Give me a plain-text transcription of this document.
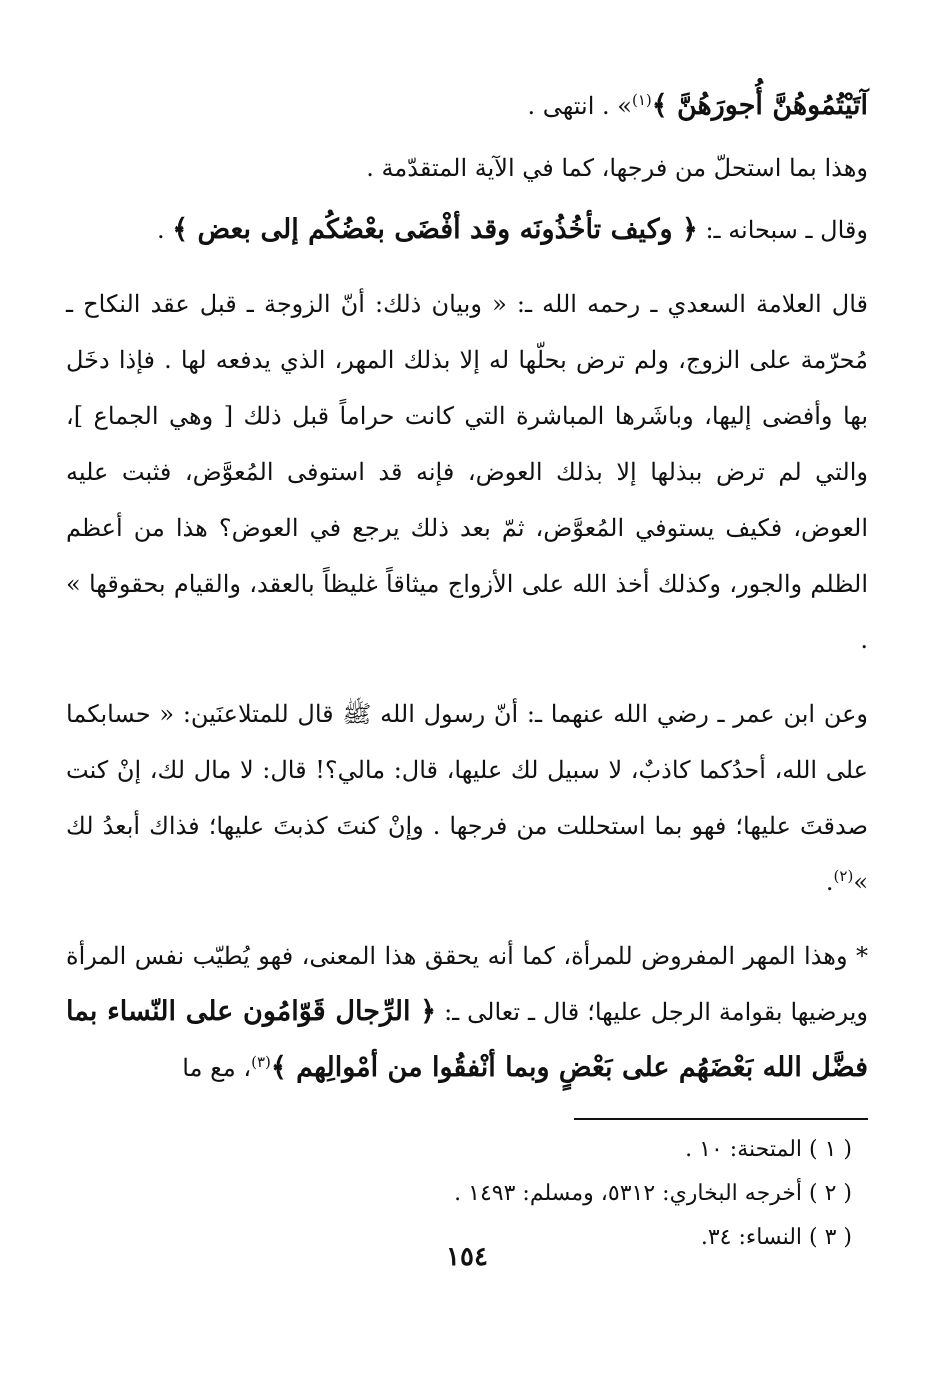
آتَيْتُمُوهُنَّ أُجورَهُنَّ ﴾$^{(١)}$» . انتهى .

وهذا بما استحلّ من فرجها، كما في الآية المتقدّمة .

وقال ـ سبحانه ـ: ﴿ وكيف تأخُذُونَه وقد أفْضَى بعْضُكُم إلى بعض ﴾ .

قال العلامة السعدي ـ رحمه الله ـ: « وبيان ذلك: أنّ الزوجة ـ قبل عقد النكاح ـ مُحرّمة على الزوج، ولم ترض بحلّها له إلا بذلك المهر، الذي يدفعه لها . فإذا دخَل بها وأفضى إليها، وباشَرها المباشرة التي كانت حراماً قبل ذلك [ وهي الجماع ]، والتي لم ترض ببذلها إلا بذلك العوض، فإنه قد استوفى المُعوَّض، فثبت عليه العوض، فكيف يستوفي المُعوَّض، ثمّ بعد ذلك يرجع في العوض؟ هذا من أعظم الظلم والجور، وكذلك أخذ الله على الأزواج ميثاقاً غليظاً بالعقد، والقيام بحقوقها » .

وعن ابن عمر ـ رضي الله عنهما ـ: أنّ رسول الله ﷺ قال للمتلاعنَين: « حسابكما على الله، أحدُكما كاذبٌ، لا سبيل لك عليها، قال: مالي؟! قال: لا مال لك، إنْ كنت صدقتَ عليها؛ فهو بما استحللت من فرجها . وإنْ كنتَ كذبتَ عليها؛ فذاك أبعدُ لك »$^{(٢)}$.

* وهذا المهر المفروض للمرأة، كما أنه يحقق هذا المعنى، فهو يُطيّب نفس المرأة ويرضيها بقوامة الرجل عليها؛ قال ـ تعالى ـ: ﴿ الرِّجال قَوّامُون على النّساء بما فضَّل الله بَعْضَهُم على بَعْضٍ وبما أنْفقُوا من أمْوالِهم ﴾$^{(٣)}$، مع ما

( ١ ) المتحنة: ١٠ .

( ٢ ) أخرجه البخاري: ٥٣١٢، ومسلم: ١٤٩٣ .

( ٣ ) النساء: ٣٤.

١٥٤
